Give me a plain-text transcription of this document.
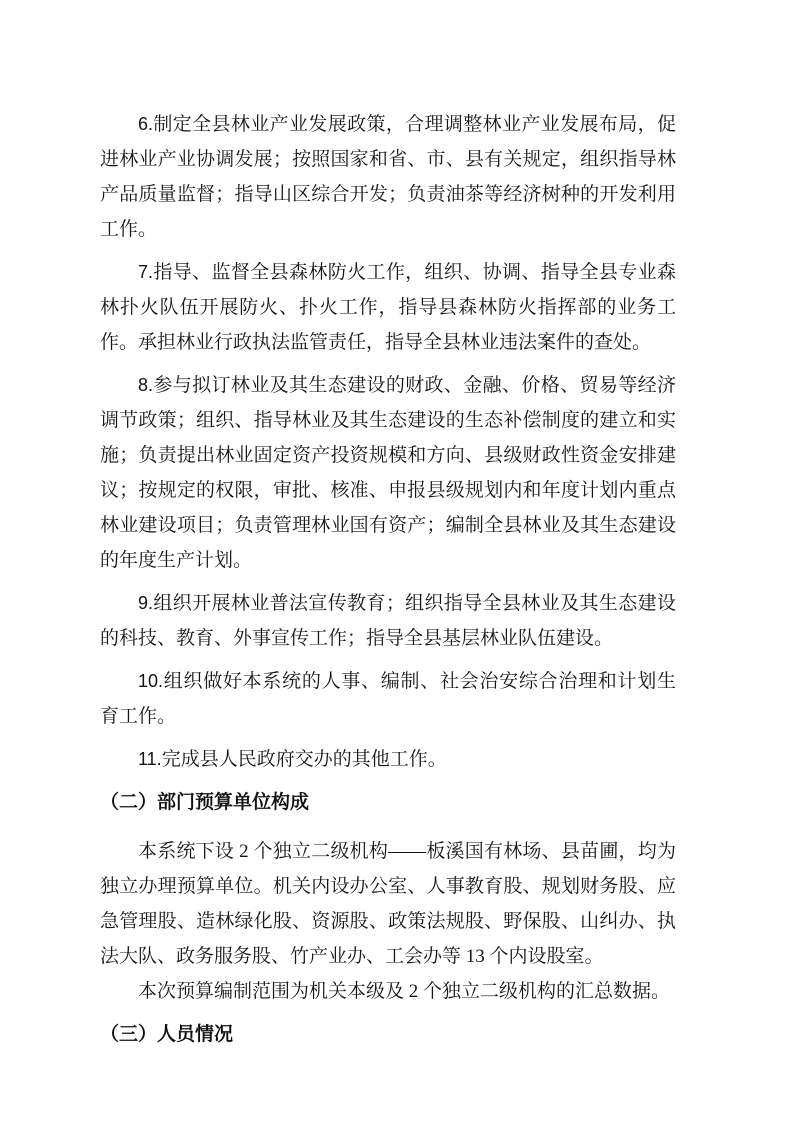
6.制定全县林业产业发展政策，合理调整林业产业发展布局，促进林业产业协调发展；按照国家和省、市、县有关规定，组织指导林产品质量监督；指导山区综合开发；负责油茶等经济树种的开发利用工作。

7.指导、监督全县森林防火工作，组织、协调、指导全县专业森林扑火队伍开展防火、扑火工作，指导县森林防火指挥部的业务工作。承担林业行政执法监管责任，指导全县林业违法案件的查处。

8.参与拟订林业及其生态建设的财政、金融、价格、贸易等经济调节政策；组织、指导林业及其生态建设的生态补偿制度的建立和实施；负责提出林业固定资产投资规模和方向、县级财政性资金安排建议；按规定的权限，审批、核准、申报县级规划内和年度计划内重点林业建设项目；负责管理林业国有资产；编制全县林业及其生态建设的年度生产计划。

9.组织开展林业普法宣传教育；组织指导全县林业及其生态建设的科技、教育、外事宣传工作；指导全县基层林业队伍建设。

10.组织做好本系统的人事、编制、社会治安综合治理和计划生育工作。

11.完成县人民政府交办的其他工作。

（二）部门预算单位构成

本系统下设 2 个独立二级机构——板溪国有林场、县苗圃，均为独立办理预算单位。机关内设办公室、人事教育股、规划财务股、应急管理股、造林绿化股、资源股、政策法规股、野保股、山纠办、执法大队、政务服务股、竹产业办、工会办等 13 个内设股室。

本次预算编制范围为机关本级及 2 个独立二级机构的汇总数据。

（三）人员情况
